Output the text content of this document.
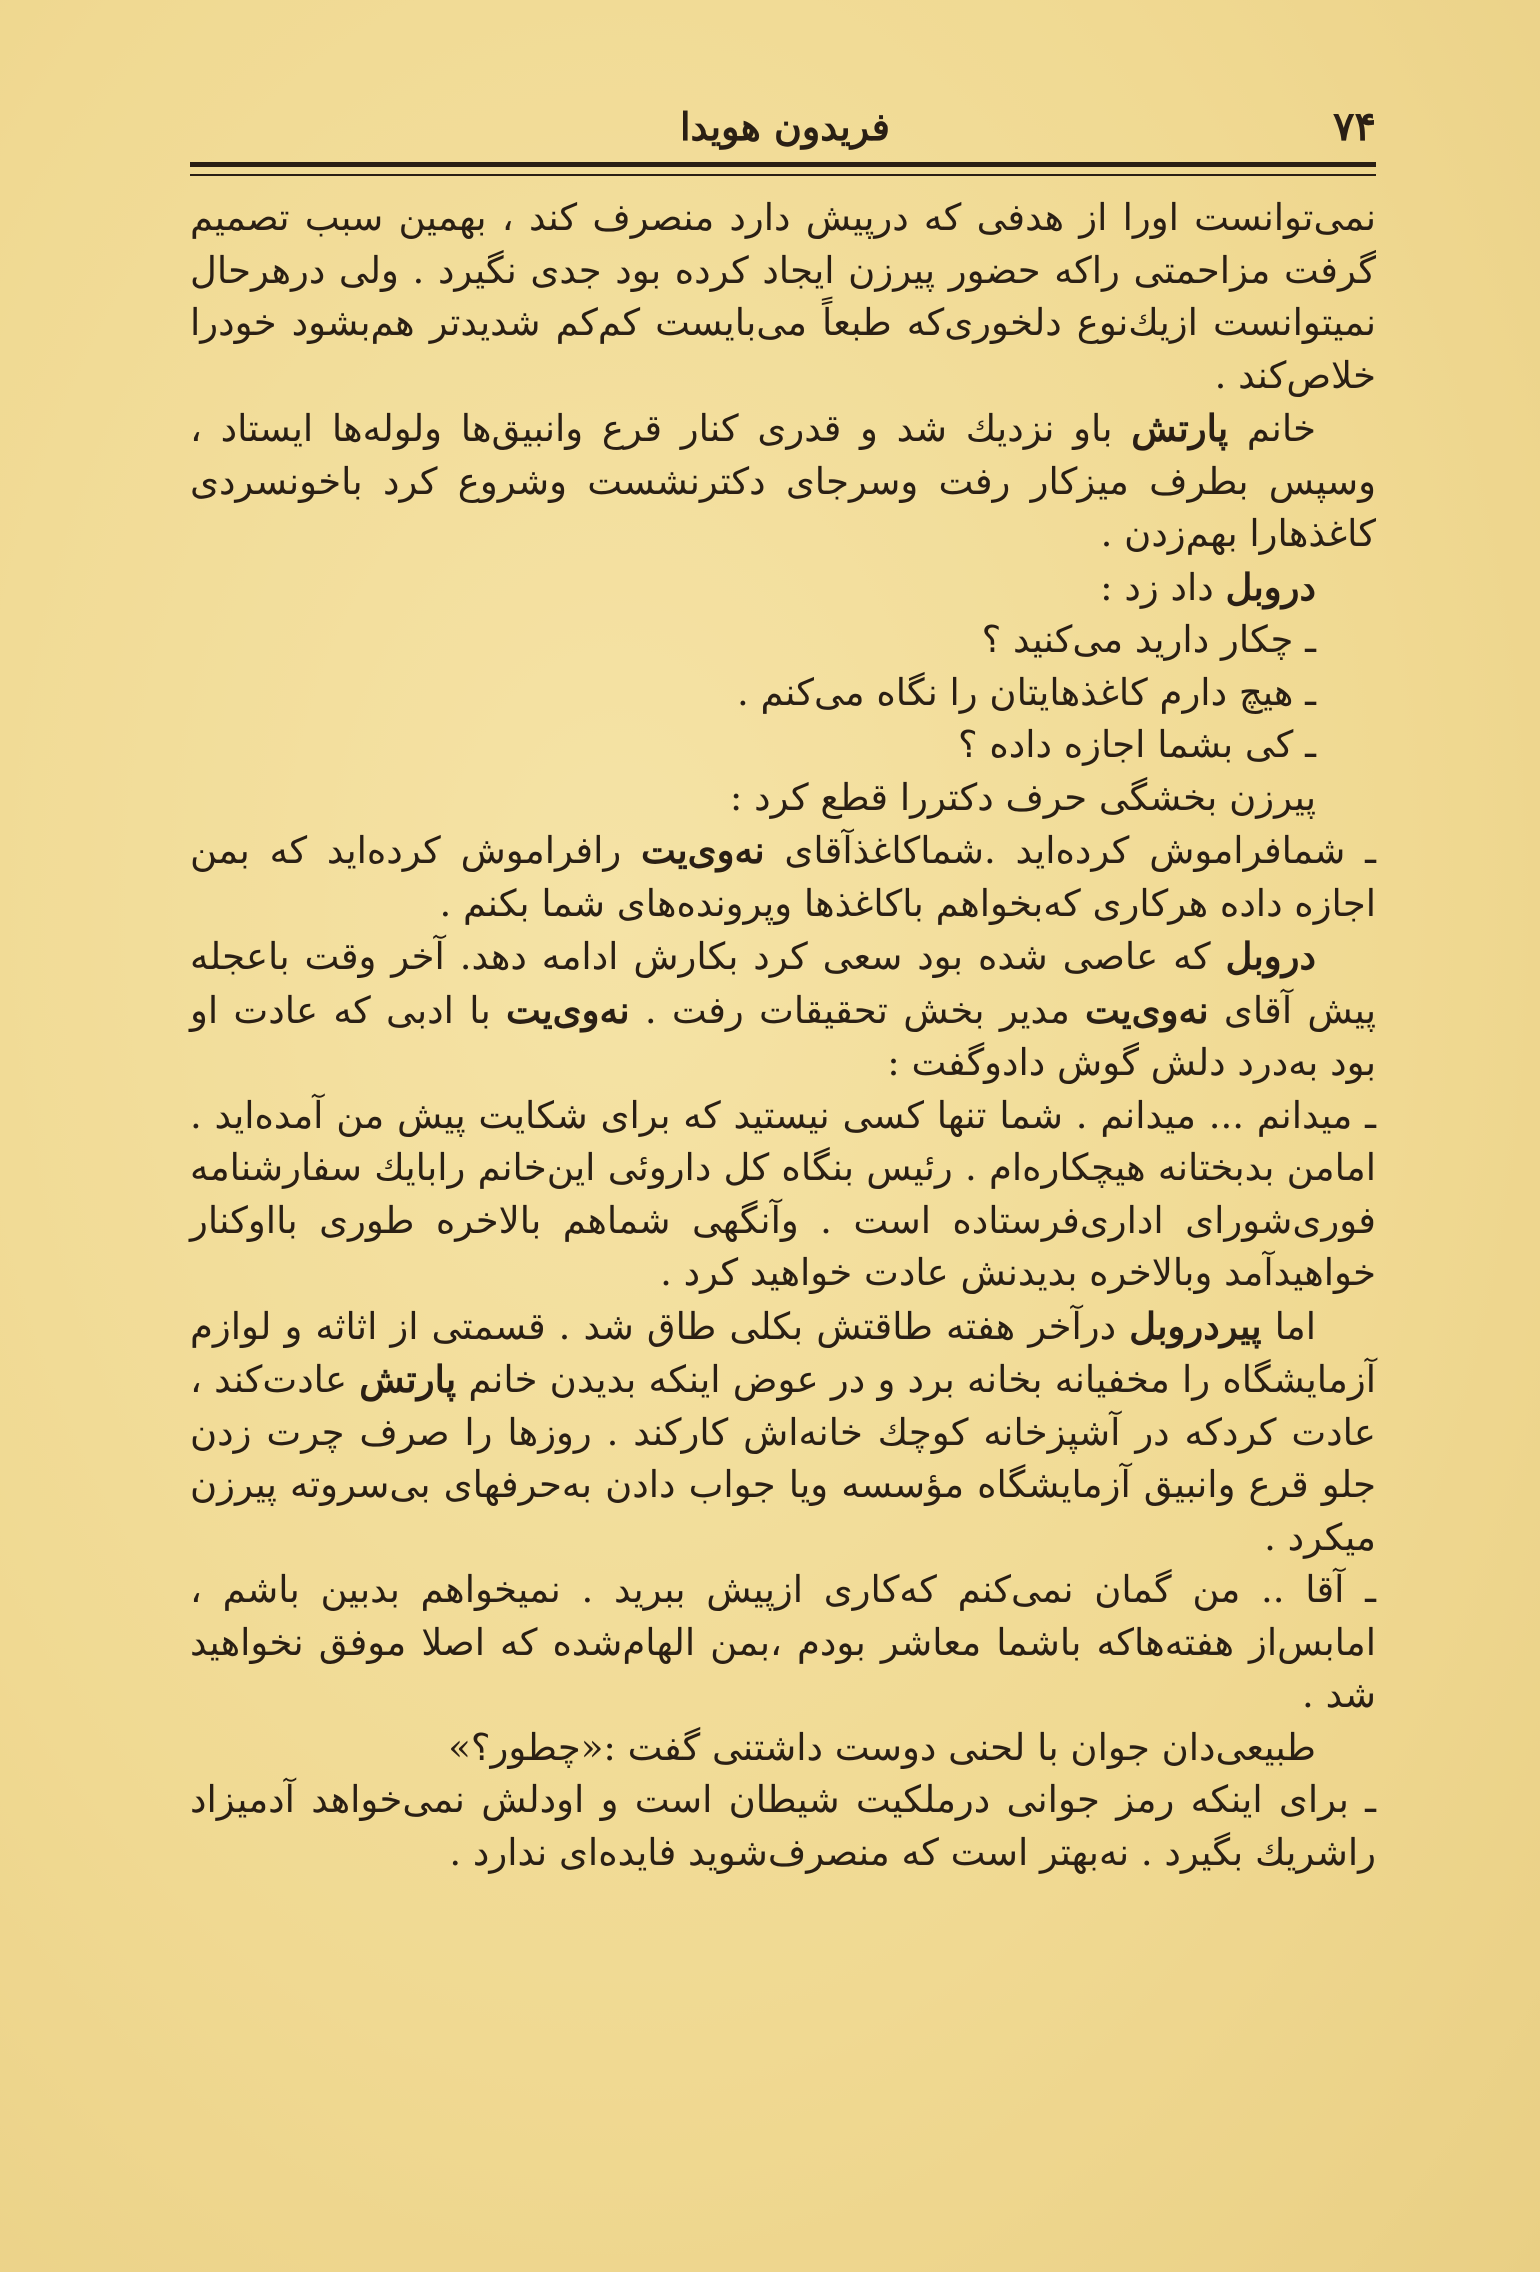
۷۴
فریدون هویدا

نمی‌توانست اورا از هدفی که درپیش دارد منصرف کند ، بهمین سبب تصمیم گرفت مزاحمتی راکه حضور پیرزن ایجاد کرده بود جدی نگیرد . ولی درهرحال نمیتوانست ازیك‌نوع دلخوری‌که طبعاً می‌بایست کم‌کم شدیدتر هم‌بشود خودرا خلاص‌کند .

خانم پارتش باو نزدیك شد و قدری کنار قرع وانبیق‌ها ولوله‌ها ایستاد ، وسپس بطرف میزکار رفت وسرجای دکترنشست وشروع کرد باخونسردی کاغذهارا بهم‌زدن .

دروبل داد زد :

ـ چکار دارید می‌کنید ؟

ـ هیچ دارم کاغذهایتان را نگاه می‌کنم .

ـ کی بشما اجازه داده ؟

پیرزن بخشگی حرف دکتررا قطع کرد :

ـ شمافراموش کرده‌اید .شماکاغذآقای نه‌وی‌یت رافراموش کرده‌اید که بمن اجازه داده هرکاری که‌بخواهم باکاغذها وپرونده‌های شما بکنم .

دروبل که عاصی شده بود سعی کرد بکارش ادامه دهد. آخر وقت باعجله پیش آقای نه‌وی‌یت مدیر بخش تحقیقات رفت . نه‌وی‌یت با ادبی که عادت او بود به‌درد دلش گوش دادوگفت :

ـ میدانم ... میدانم . شما تنها کسی نیستید که برای شکایت پیش من آمده‌اید . امامن بدبختانه هیچکاره‌ام . رئیس بنگاه کل داروئی این‌خانم رابایك سفارشنامه فوری‌شورای اداری‌فرستاده است . وآنگهی شماهم بالاخره طوری بااوکنار خواهیدآمد وبالاخره بدیدنش عادت خواهید کرد .

اما پیردروبل درآخر هفته طاقتش بکلی طاق شد . قسمتی از اثاثه و لوازم آزمایشگاه را مخفیانه بخانه برد و در عوض اینکه بدیدن خانم پارتش عادت‌کند ، عادت کردکه در آشپزخانه کوچك خانه‌اش کارکند . روزها را صرف چرت زدن جلو قرع وانبیق آزمایشگاه مؤسسه ویا جواب دادن به‌حرفهای بی‌سروته پیرزن میکرد .

ـ آقا .. من گمان نمی‌کنم که‌کاری ازپیش ببرید . نمیخواهم بدبین باشم ، امابس‌از هفته‌هاکه باشما معاشر بودم ،بمن الهام‌شده که اصلا موفق نخواهید شد .

طبیعی‌دان جوان با لحنی دوست داشتنی گفت :«چطور؟»

ـ برای اینکه رمز جوانی درملکیت شیطان است و اودلش نمی‌خواهد آدمیزاد راشریك بگیرد . نه‌بهتر است که منصرف‌شوید فایده‌ای ندارد .
